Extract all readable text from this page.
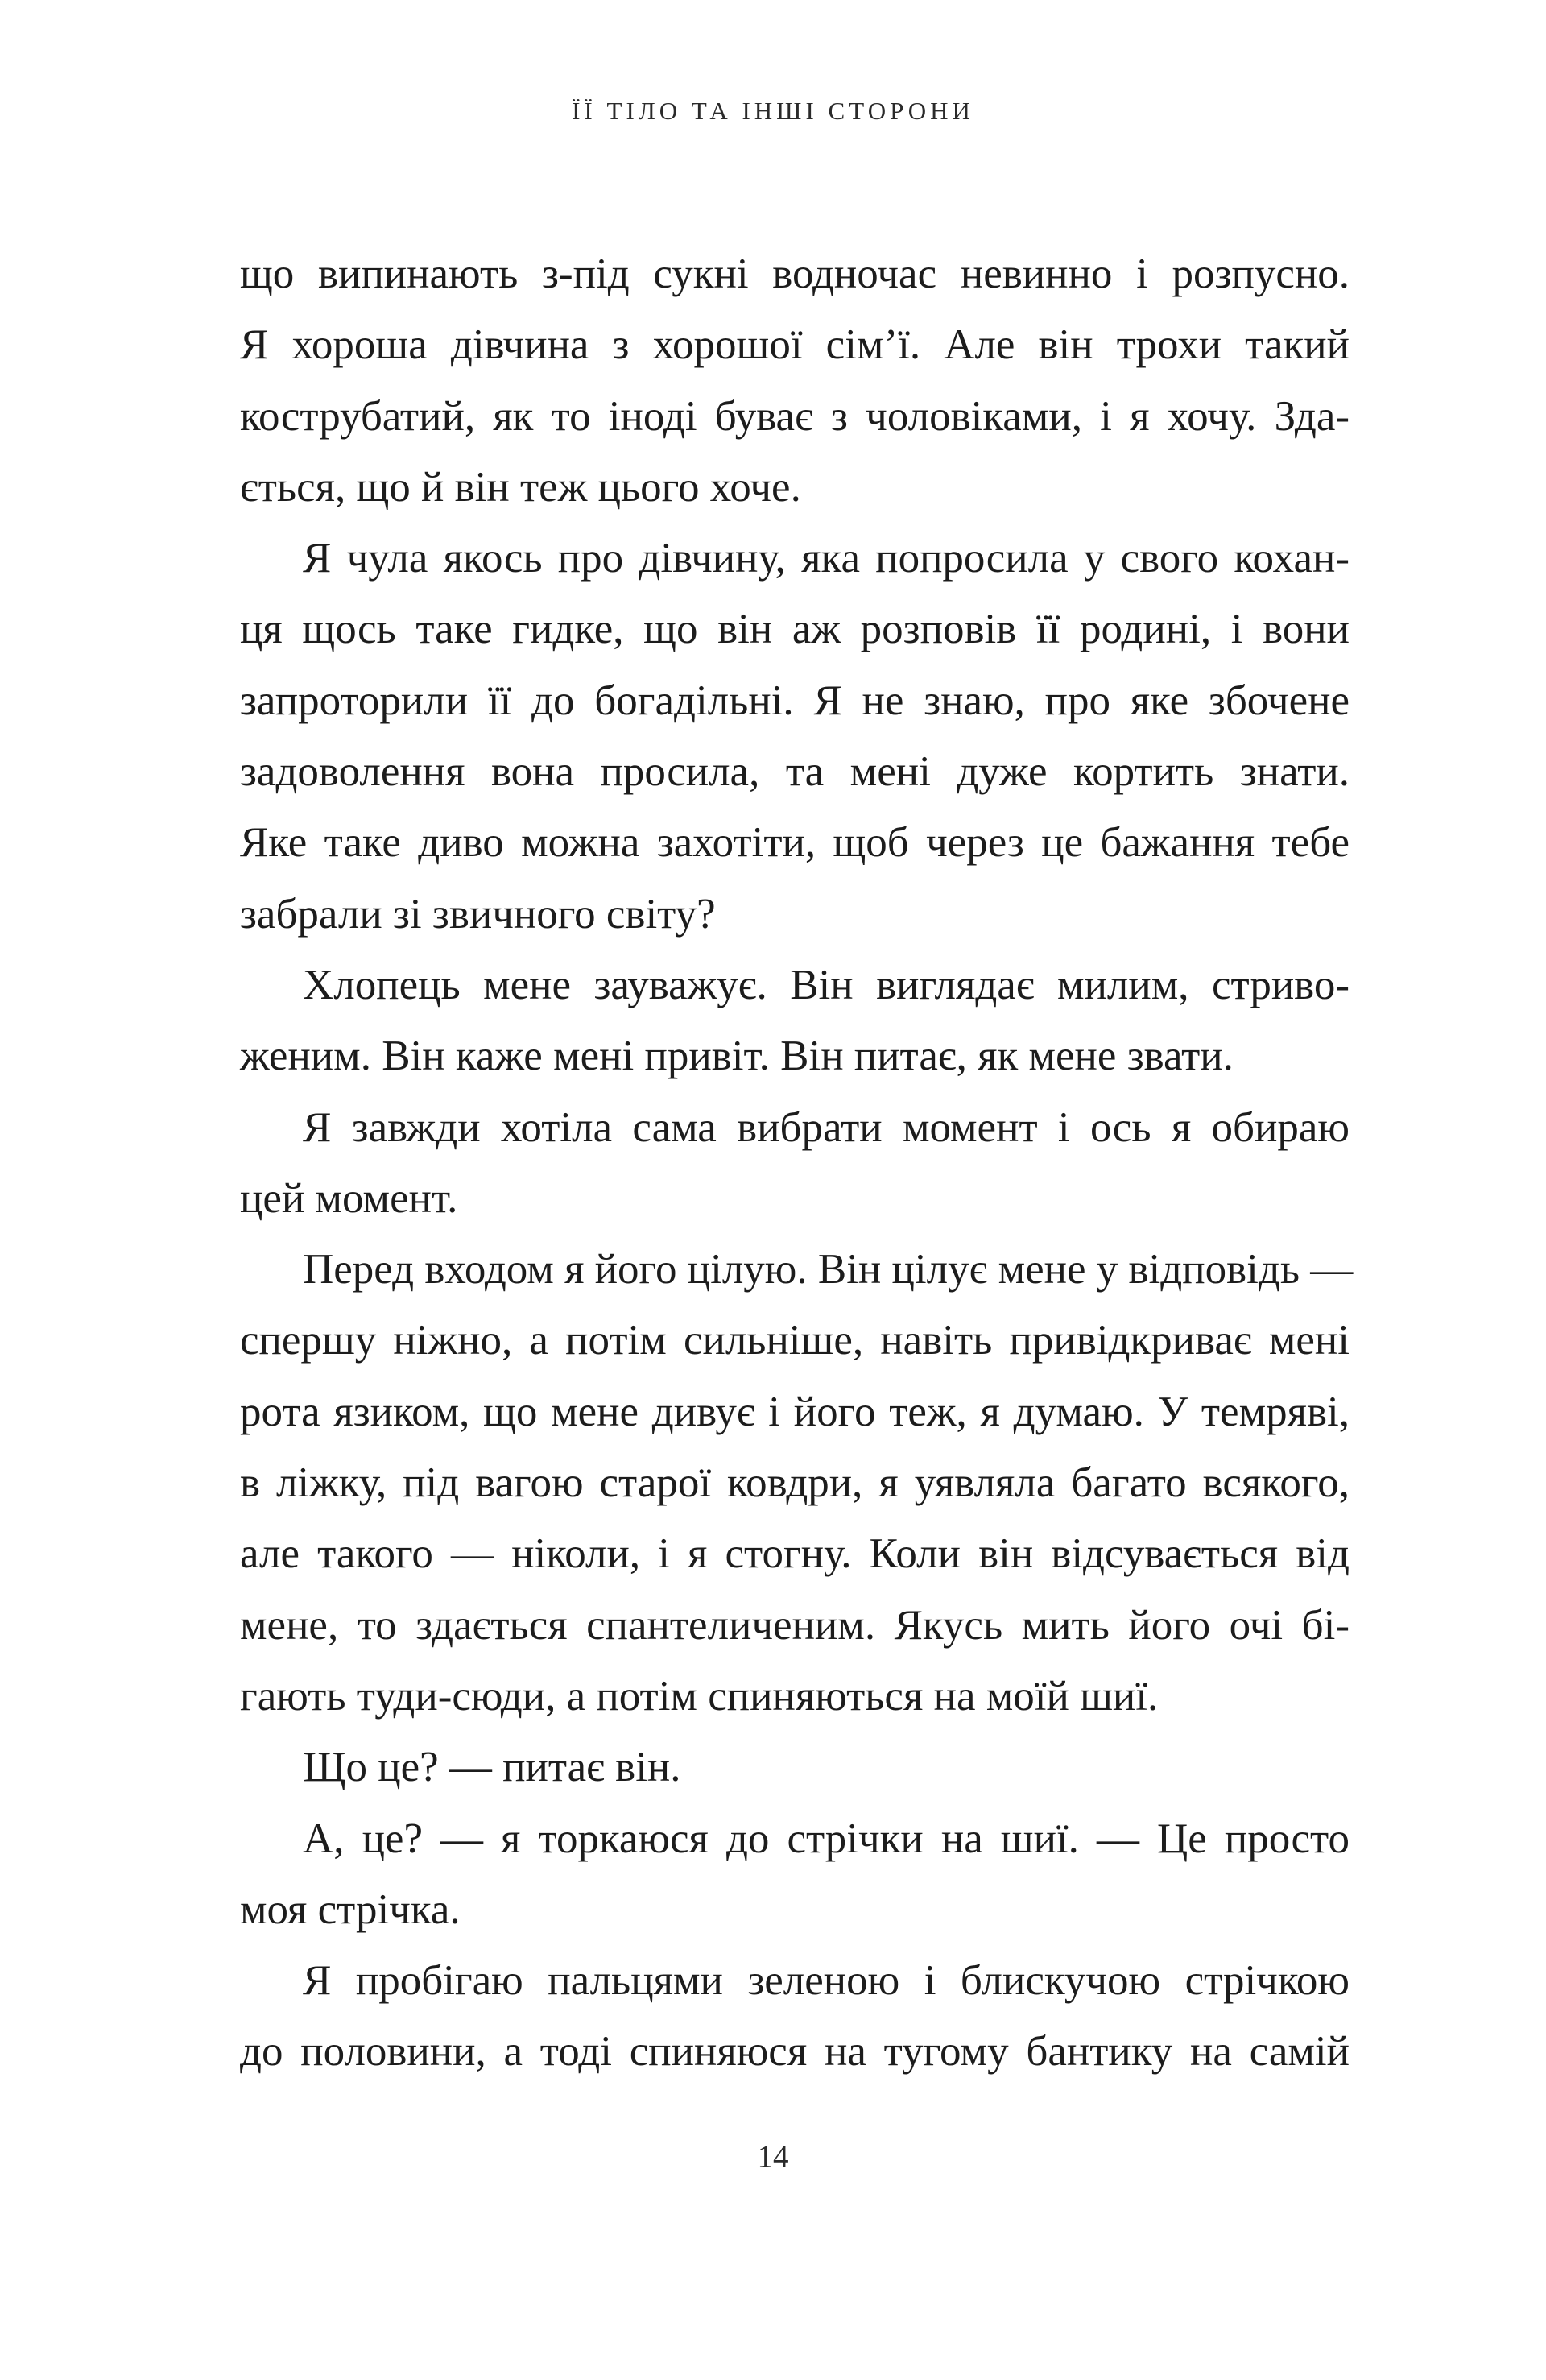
ЇЇ ТІЛО ТА ІНШІ СТОРОНИ
що випинають з-під сукні водночас невинно і розпусно.
Я хороша дівчина з хорошої сім’ї. Але він трохи такий
кострубатий, як то іноді буває з чоловіками, і я хочу. Зда-
ється, що й він теж цього хоче.
Я чула якось про дівчину, яка попросила у свого кохан-
ця щось таке гидке, що він аж розповів її родині, і вони
запроторили її до богадільні. Я не знаю, про яке збочене
задоволення вона просила, та мені дуже кортить знати.
Яке таке диво можна захотіти, щоб через це бажання тебе
забрали зі звичного світу?
Хлопець мене зауважує. Він виглядає милим, стриво-
женим. Він каже мені привіт. Він питає, як мене звати.
Я завжди хотіла сама вибрати момент і ось я обираю
цей момент.
Перед входом я його цілую. Він цілує мене у відповідь —
спершу ніжно, а потім сильніше, навіть привідкриває мені
рота язиком, що мене дивує і його теж, я думаю. У темряві,
в ліжку, під вагою старої ковдри, я уявляла багато всякого,
але такого — ніколи, і я стогну. Коли він відсувається від
мене, то здається спантеличеним. Якусь мить його очі бі-
гають туди-сюди, а потім спиняються на моїй шиї.
Що це? — питає він.
А, це? — я торкаюся до стрічки на шиї. — Це просто
моя стрічка.
Я пробігаю пальцями зеленою і блискучою стрічкою
до половини, а тоді спиняюся на тугому бантику на самій
14
